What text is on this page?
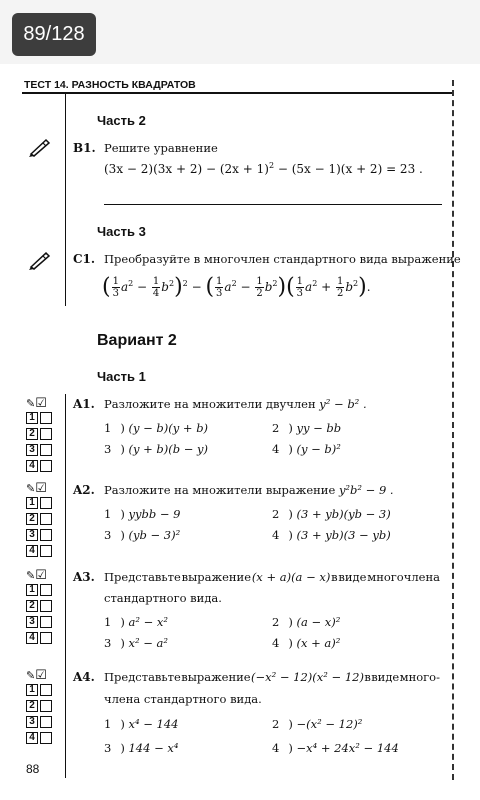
89/128
ТЕСТ 14. РАЗНОСТЬ КВАДРАТОВ
Часть 2
B1. Решите уравнение
$(3x - 2)(3x + 2) - (2x + 1)^2 - (5x - 1)(x + 2) = 23$ .
Часть 3
C1. Преобразуйте в многочлен стандартного вида выражение
( $\frac{1}{3} a^2 - \frac{1}{4} b^2)^2$ − ( $\frac{1}{3} a^2 - \frac{1}{2} b^2)( \frac{1}{3} a^2 + \frac{1}{2} b^2)$.
Вариант 2
Часть 1
✎ ☑
1
2
3
4
A1. Разложите на множители двучлен y² − b² .
1 ) (y − b)(y + b)	2 ) yy − bb
3 ) (y + b)(b − y)	4 ) (y − b)²
✎ ☑
1
2
3
4
A2. Разложите на множители выражение y²b² − 9 .
1 ) yybb − 9	2 ) (3 + yb)(yb − 3)
3 ) (yb − 3)²	4 ) (3 + yb)(3 − yb)
✎ ☑
1
2
3
4
A3. Представьте выражение (x + a)(a − x) в виде многочлена
стандартного вида.
1 ) a² − x²	2 ) (a − x)²
3 ) x² − a²	4 ) (x + a)²
✎ ☑
1
2
3
4
A4. Представьте выражение (−x² − 12)(x² − 12) в виде много-
члена стандартного вида.
1 ) x⁴ − 144	2 ) −(x² − 12)²
3 ) 144 − x⁴	4 ) −x⁴ + 24x² − 144
88
